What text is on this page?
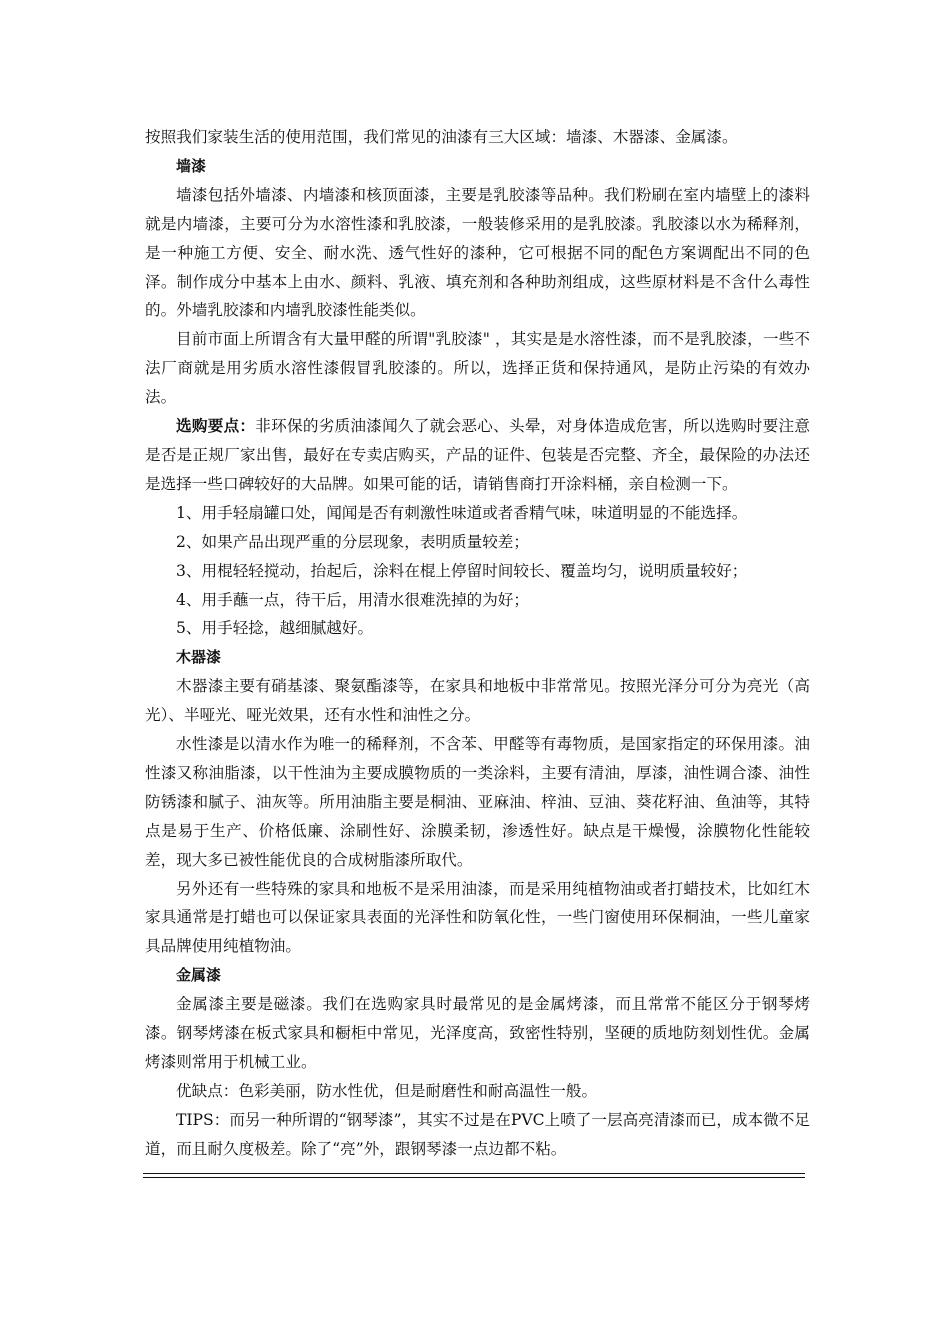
按照我们家装生活的使用范围，我们常见的油漆有三大区域：墙漆、木器漆、金属漆。

墙漆

墙漆包括外墙漆、内墙漆和核顶面漆，主要是乳胶漆等品种。我们粉刷在室内墙壁上的漆料就是内墙漆，主要可分为水溶性漆和乳胶漆，一般装修采用的是乳胶漆。乳胶漆以水为稀释剂，是一种施工方便、安全、耐水洗、透气性好的漆种，它可根据不同的配色方案调配出不同的色泽。制作成分中基本上由水、颜料、乳液、填充剂和各种助剂组成，这些原材料是不含什么毒性的。外墙乳胶漆和内墙乳胶漆性能类似。

目前市面上所谓含有大量甲醛的所谓"乳胶漆" ，其实是是水溶性漆，而不是乳胶漆，一些不法厂商就是用劣质水溶性漆假冒乳胶漆的。所以，选择正货和保持通风，是防止污染的有效办法。

选购要点：非环保的劣质油漆闻久了就会恶心、头晕，对身体造成危害，所以选购时要注意是否是正规厂家出售，最好在专卖店购买，产品的证件、包装是否完整、齐全，最保险的办法还是选择一些口碑较好的大品牌。如果可能的话，请销售商打开涂料桶，亲自检测一下。

1、用手轻扇罐口处，闻闻是否有刺激性味道或者香精气味，味道明显的不能选择。

2、如果产品出现严重的分层现象，表明质量较差；

3、用棍轻轻搅动，抬起后，涂料在棍上停留时间较长、覆盖均匀，说明质量较好；

4、用手蘸一点，待干后，用清水很难洗掉的为好；

5、用手轻捻，越细腻越好。

木器漆

木器漆主要有硝基漆、聚氨酯漆等，在家具和地板中非常常见。按照光泽分可分为亮光（高光）、半哑光、哑光效果，还有水性和油性之分。

水性漆是以清水作为唯一的稀释剂，不含苯、甲醛等有毒物质，是国家指定的环保用漆。油性漆又称油脂漆，以干性油为主要成膜物质的一类涂料，主要有清油，厚漆，油性调合漆、油性防锈漆和腻子、油灰等。所用油脂主要是桐油、亚麻油、梓油、豆油、葵花籽油、鱼油等，其特点是易于生产、价格低廉、涂刷性好、涂膜柔韧，渗透性好。缺点是干燥慢，涂膜物化性能较差，现大多已被性能优良的合成树脂漆所取代。

另外还有一些特殊的家具和地板不是采用油漆，而是采用纯植物油或者打蜡技术，比如红木家具通常是打蜡也可以保证家具表面的光泽性和防氧化性，一些门窗使用环保桐油，一些儿童家具品牌使用纯植物油。

金属漆

金属漆主要是磁漆。我们在选购家具时最常见的是金属烤漆，而且常常不能区分于钢琴烤漆。钢琴烤漆在板式家具和橱柜中常见，光泽度高，致密性特别，坚硬的质地防刻划性优。金属烤漆则常用于机械工业。

优缺点：色彩美丽，防水性优，但是耐磨性和耐高温性一般。

TIPS：而另一种所谓的“钢琴漆”，其实不过是在PVC上喷了一层高亮清漆而已，成本微不足道，而且耐久度极差。除了“亮”外，跟钢琴漆一点边都不粘。
